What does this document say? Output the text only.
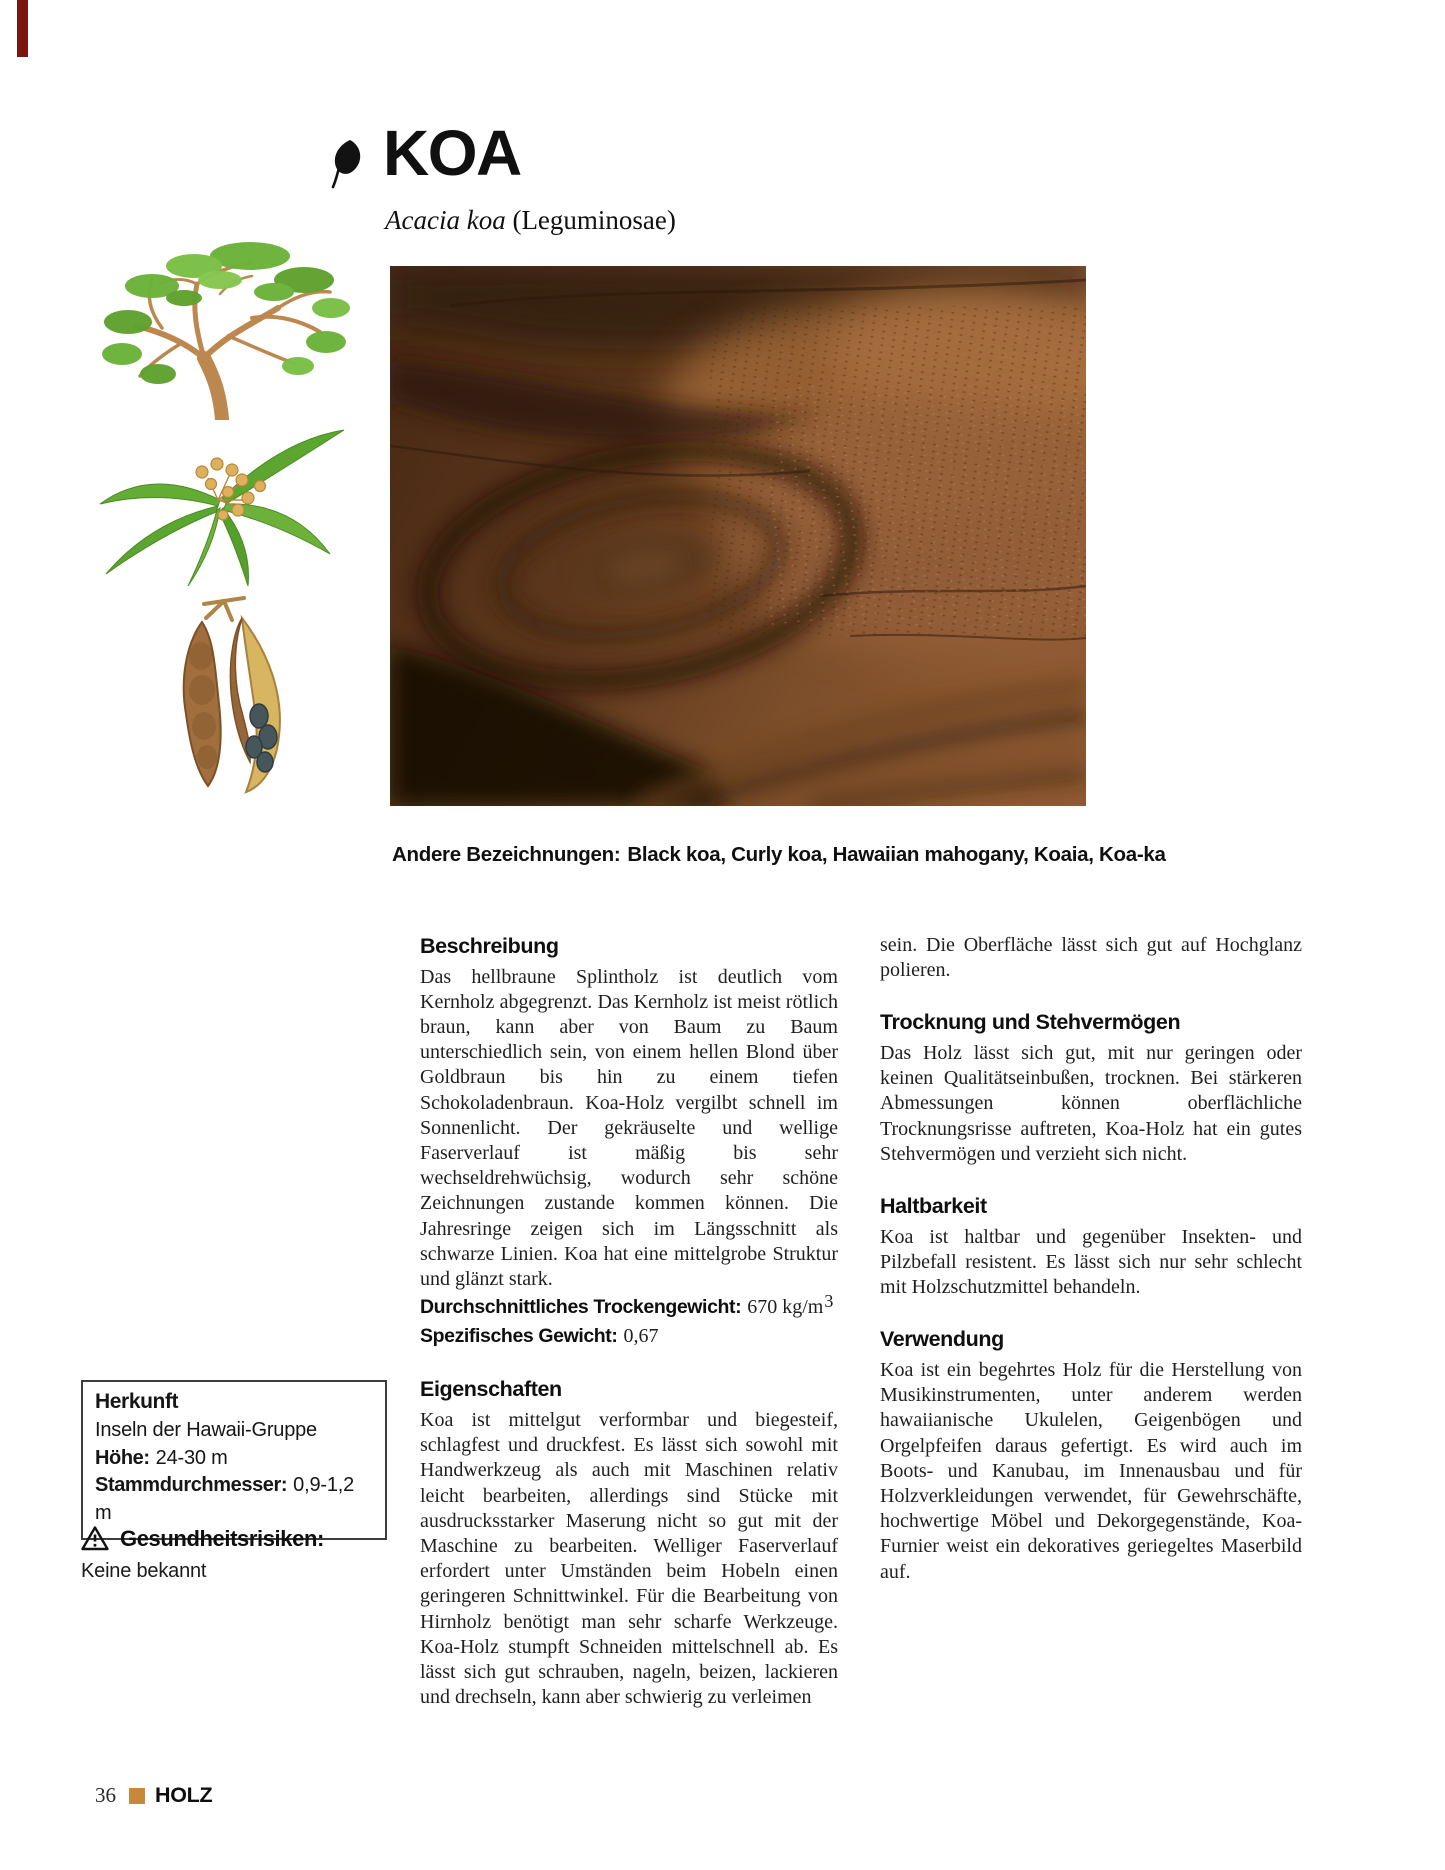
KOA
Acacia koa (Leguminosae)
Andere Bezeichnungen: Black koa, Curly koa, Hawaiian mahogany, Koaia, Koa-ka
Beschreibung

Das hellbraune Splintholz ist deutlich vom Kernholz abgegrenzt. Das Kernholz ist meist rötlich braun, kann aber von Baum zu Baum unterschiedlich sein, von einem hellen Blond über Goldbraun bis hin zu einem tiefen Schokoladenbraun. Koa-Holz vergilbt schnell im Sonnenlicht. Der gekräuselte und wellige Faserverlauf ist mäßig bis sehr wechseldrehwüchsig, wodurch sehr schöne Zeichnungen zustande kommen können. Die Jahresringe zeigen sich im Längsschnitt als schwarze Linien. Koa hat eine mittelgrobe Struktur und glänzt stark.

Durchschnittliches Trockengewicht: 670 kg/m3
Spezifisches Gewicht: 0,67
Eigenschaften

Koa ist mittelgut verformbar und biegesteif, schlagfest und druckfest. Es lässt sich sowohl mit Handwerkzeug als auch mit Maschinen relativ leicht bearbeiten, allerdings sind Stücke mit ausdrucksstarker Maserung nicht so gut mit der Maschine zu bearbeiten. Welliger Faserverlauf erfordert unter Umständen beim Hobeln einen geringeren Schnittwinkel. Für die Bearbeitung von Hirnholz benötigt man sehr scharfe Werkzeuge. Koa-Holz stumpft Schneiden mittelschnell ab. Es lässt sich gut schrauben, nageln, beizen, lackieren und drechseln, kann aber schwierig zu verleimen

sein. Die Oberfläche lässt sich gut auf Hochglanz polieren.

Trocknung und Stehvermögen

Das Holz lässt sich gut, mit nur geringen oder keinen Qualitätseinbußen, trocknen. Bei stärkeren Abmessungen können oberflächliche Trocknungsrisse auftreten, Koa-Holz hat ein gutes Stehvermögen und verzieht sich nicht.

Haltbarkeit

Koa ist haltbar und gegenüber Insekten- und Pilzbefall resistent. Es lässt sich nur sehr schlecht mit Holzschutzmittel behandeln.

Verwendung

Koa ist ein begehrtes Holz für die Herstellung von Musikinstrumenten, unter anderem werden hawaiianische Ukulelen, Geigenbögen und Orgelpfeifen daraus gefertigt. Es wird auch im Boots- und Kanubau, im Innenausbau und für Holzverkleidungen verwendet, für Gewehrschäfte, hochwertige Möbel und Dekorgegenstände, Koa-Furnier weist ein dekoratives geriegeltes Maserbild auf.

Herkunft
Inseln der Hawaii-Gruppe
Höhe: 24-30 m
Stammdurchmesser: 0,9-1,2 m
Gesundheitsrisiken:
Keine bekannt
36 HOLZ
